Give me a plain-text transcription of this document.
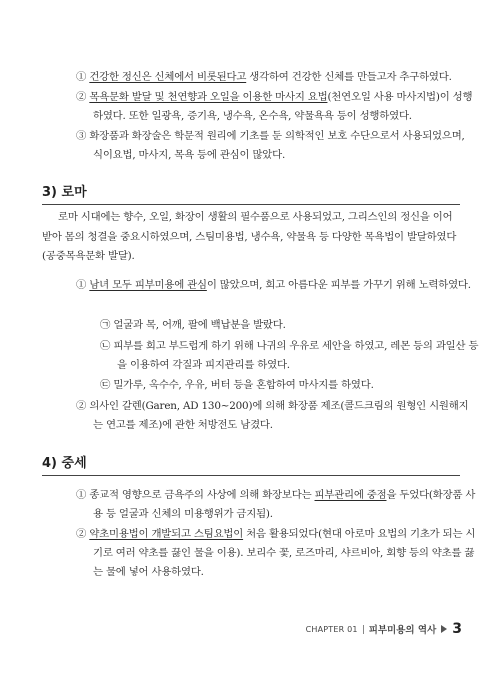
① 건강한 정신은 신체에서 비롯된다고 생각하여 건강한 신체를 만들고자 추구하였다.
② 목욕문화 발달 및 천연향과 오일을 이용한 마사지 요법(천연오일 사용 마사지법)이 성행하였다. 또한 일광욕, 증기욕, 냉수욕, 온수욕, 약물욕욕 등이 성행하였다.
③ 화장품과 화장술은 학문적 원리에 기초를 둔 의학적인 보호 수단으로서 사용되었으며, 식이요법, 마사지, 목욕 등에 관심이 많았다.
3) 로마
로마 시대에는 향수, 오일, 화장이 생활의 필수품으로 사용되었고, 그리스인의 정신을 이어받아 몸의 청결을 중요시하였으며, 스팀미용법, 냉수욕, 약물욕 등 다양한 목욕법이 발달하였다(공중목욕문화 발달).
① 남녀 모두 피부미용에 관심이 많았으며, 희고 아름다운 피부를 가꾸기 위해 노력하였다.
㉠ 얼굴과 목, 어깨, 팔에 백납분을 발랐다.
㉡ 피부를 희고 부드럽게 하기 위해 나귀의 우유로 세안을 하였고, 레몬 등의 과일산 등을 이용하여 각질과 피지관리를 하였다.
㉢ 밀가루, 옥수수, 우유, 버터 등을 혼합하여 마사지를 하였다.
② 의사인 갈렌(Garen, AD 130~200)에 의해 화장품 제조(콜드크림의 원형인 시원해지는 연고를 제조)에 관한 처방전도 남겼다.
4) 중세
① 종교적 영향으로 금욕주의 사상에 의해 화장보다는 피부관리에 중점을 두었다(화장품 사용 등 얼굴과 신체의 미용행위가 금지됨).
② 약초미용법이 개발되고 스팀요법이 처음 활용되었다(현대 아로마 요법의 기초가 되는 시기로 여러 약초를 끓인 물을 이용). 보리수 꽃, 로즈마리, 샤르비아, 회향 등의 약초를 끓는 물에 넣어 사용하였다.
CHAPTER 01 피부미용의 역사 3
